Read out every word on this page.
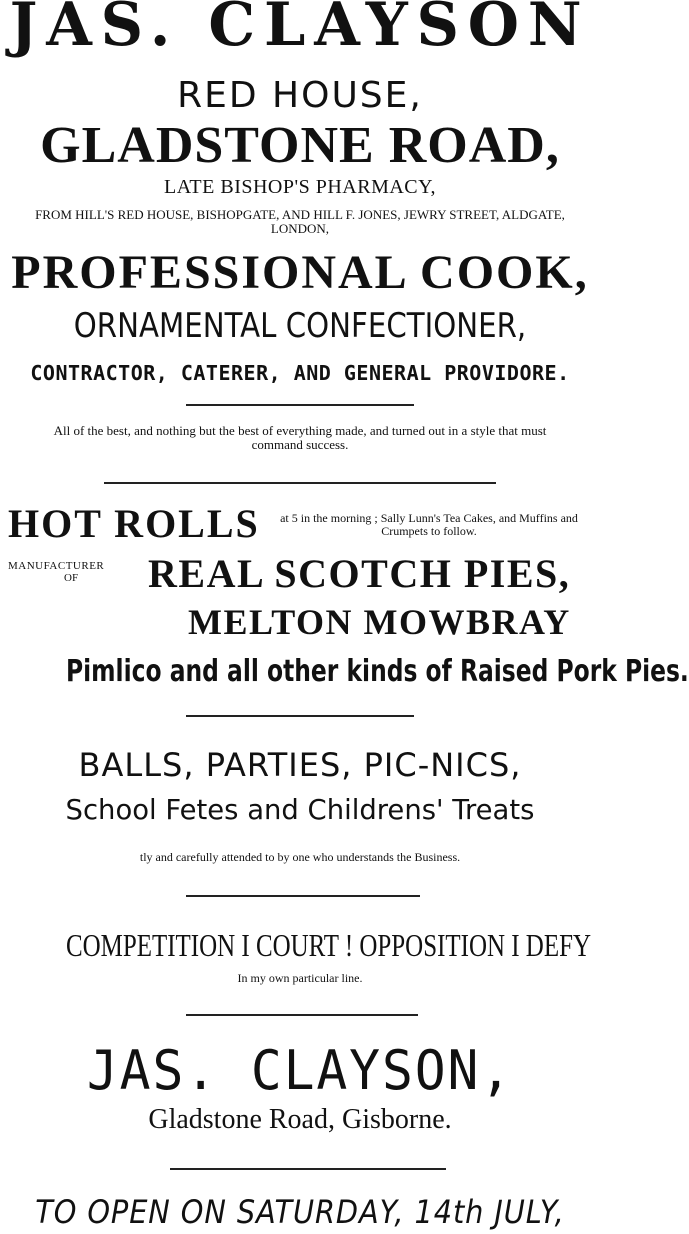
JAS. CLAYSON
RED HOUSE,
GLADSTONE ROAD,
LATE BISHOP'S PHARMACY,
FROM HILL'S RED HOUSE, BISHOPGATE, AND HILL F. JONES, JEWRY STREET, ALDGATE, LONDON,
PROFESSIONAL COOK,
ORNAMENTAL CONFECTIONER,
CONTRACTOR, CATERER, AND GENERAL PROVIDORE.
All of the best, and nothing but the best of everything made, and turned out in a style that must command success.
HOT ROLLS	at 5 in the morning ; Sally Lunn's Tea Cakes, and Muffins and Crumpets to follow.
MANUFACTURER
OF REAL SCOTCH PIES,
MELTON MOWBRAY
Pimlico and all other kinds of Raised Pork Pies.
BALLS, PARTIES, PIC-NICS,
School Fetes and Childrens' Treats
tly and carefully attended to by one who understands the Business.
COMPETITION I COURT ! OPPOSITION I DEFY
In my own particular line.
JAS. CLAYSON,
Gladstone Road, Gisborne.
TO OPEN ON SATURDAY, 14th JULY,
